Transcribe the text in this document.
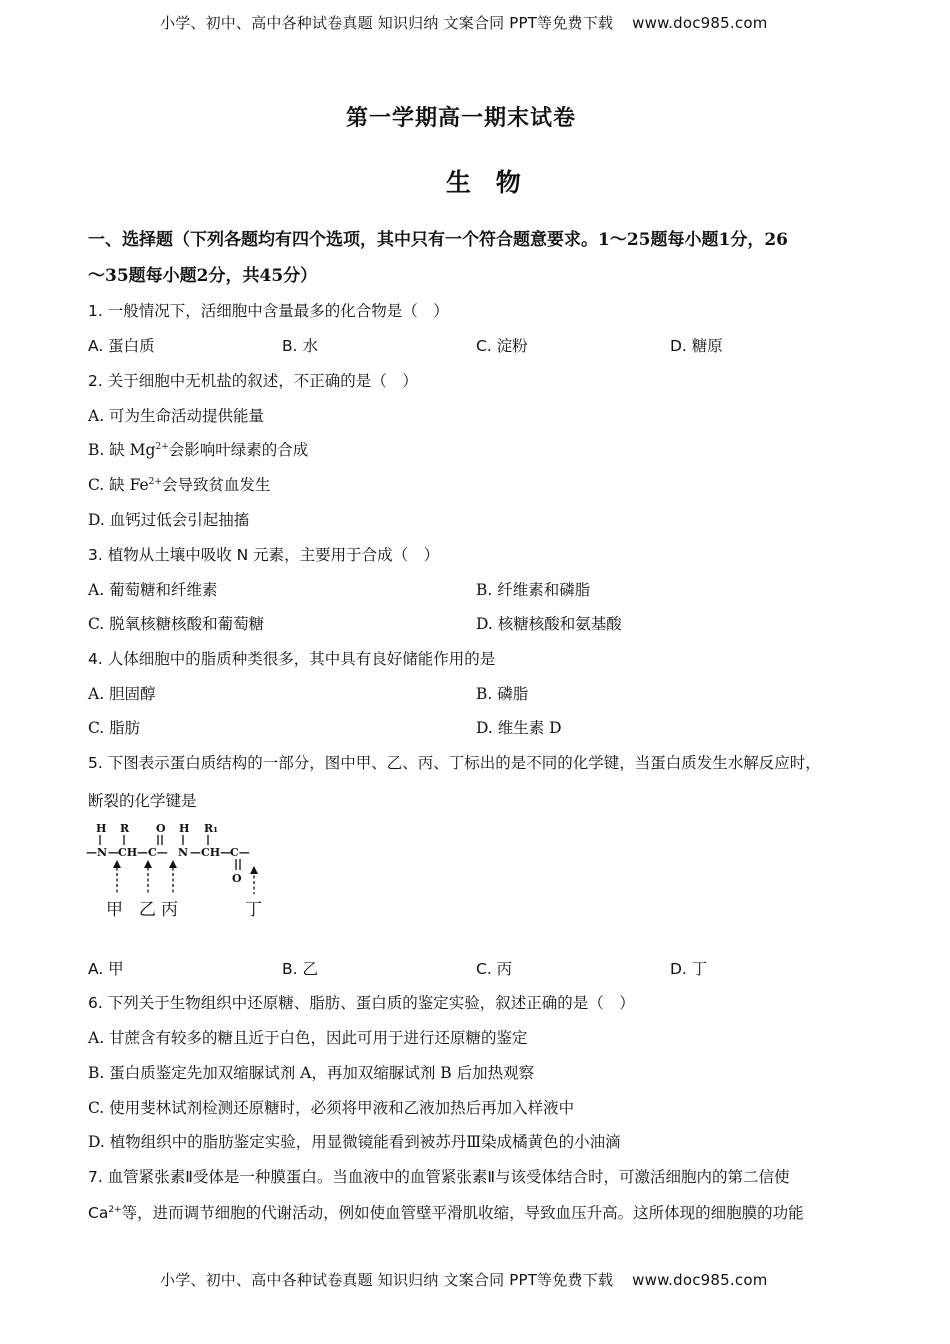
小学、初中、高中各种试卷真题 知识归纳 文案合同 PPT等免费下载 www.doc985.com
第一学期高一期末试卷
生 物
一、选择题（下列各题均有四个选项，其中只有一个符合题意要求。1～25题每小题1分，26
～35题每小题2分，共45分）
1. 一般情况下，活细胞中含量最多的化合物是（　）
A. 蛋白质	B. 水	C. 淀粉	D. 糖原
2. 关于细胞中无机盐的叙述，不正确的是（　）
A. 可为生命活动提供能量
B. 缺 $Mg^{2+}$会影响叶绿素的合成
C. 缺 $Fe^{2+}$会导致贫血发生
D. 血钙过低会引起抽搐
3. 植物从土壤中吸收 N 元素，主要用于合成（　）
A. 葡萄糖和纤维素	B. 纤维素和磷脂
C. 脱氧核糖核酸和葡萄糖	D. 核糖核酸和氨基酸
4. 人体细胞中的脂质种类很多，其中具有良好储能作用的是
A. 胆固醇	B. 磷脂
C. 脂肪	D. 维生素 D
5. 下图表示蛋白质结构的一部分，图中甲、乙、丙、丁标出的是不同的化学键，当蛋白质发生水解反应时，
断裂的化学键是
H R O H R₁
—N — CH —C— N —CH—
C—
O
甲 乙 丙	丁
A. 甲	B. 乙	C. 丙	D. 丁
6. 下列关于生物组织中还原糖、脂肪、蛋白质的鉴定实验，叙述正确的是（　）
A. 甘蔗含有较多的糖且近于白色，因此可用于进行还原糖的鉴定
B. 蛋白质鉴定先加双缩脲试剂 A，再加双缩脲试剂 B 后加热观察
C. 使用斐林试剂检测还原糖时，必须将甲液和乙液加热后再加入样液中
D. 植物组织中的脂肪鉴定实验，用显微镜能看到被苏丹Ⅲ染成橘黄色的小油滴
7. 血管紧张素Ⅱ受体是一种膜蛋白。当血液中的血管紧张素Ⅱ与该受体结合时，可激活细胞内的第二信使
$Ca^{2+}$等，进而调节细胞的代谢活动，例如使血管壁平滑肌收缩，导致血压升高。这所体现的细胞膜的功能
小学、初中、高中各种试卷真题 知识归纳 文案合同 PPT等免费下载 www.doc985.com
